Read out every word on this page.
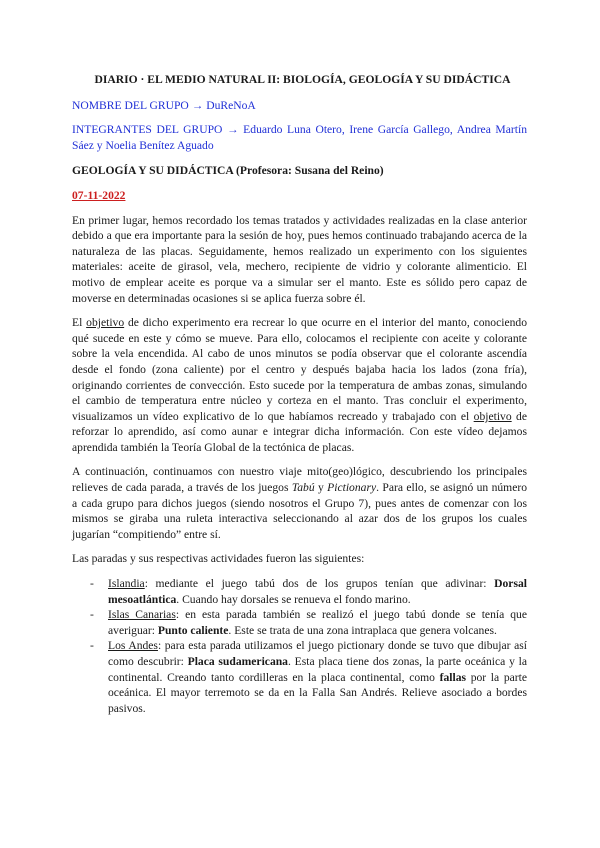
DIARIO · EL MEDIO NATURAL II: BIOLOGÍA, GEOLOGÍA Y SU DIDÁCTICA

NOMBRE DEL GRUPO → DuReNoA

INTEGRANTES DEL GRUPO → Eduardo Luna Otero, Irene García Gallego, Andrea Martín Sáez y Noelia Benítez Aguado

GEOLOGÍA Y SU DIDÁCTICA (Profesora: Susana del Reino)

07-11-2022

En primer lugar, hemos recordado los temas tratados y actividades realizadas en la clase anterior debido a que era importante para la sesión de hoy, pues hemos continuado trabajando acerca de la naturaleza de las placas. Seguidamente, hemos realizado un experimento con los siguientes materiales: aceite de girasol, vela, mechero, recipiente de vidrio y colorante alimenticio. El motivo de emplear aceite es porque va a simular ser el manto. Este es sólido pero capaz de moverse en determinadas ocasiones si se aplica fuerza sobre él.

El objetivo de dicho experimento era recrear lo que ocurre en el interior del manto, conociendo qué sucede en este y cómo se mueve. Para ello, colocamos el recipiente con aceite y colorante sobre la vela encendida. Al cabo de unos minutos se podía observar que el colorante ascendía desde el fondo (zona caliente) por el centro y después bajaba hacia los lados (zona fría), originando corrientes de convección. Esto sucede por la temperatura de ambas zonas, simulando el cambio de temperatura entre núcleo y corteza en el manto. Tras concluir el experimento, visualizamos un vídeo explicativo de lo que habíamos recreado y trabajado con el objetivo de reforzar lo aprendido, así como aunar e integrar dicha información. Con este vídeo dejamos aprendida también la Teoría Global de la tectónica de placas.

A continuación, continuamos con nuestro viaje mito(geo)lógico, descubriendo los principales relieves de cada parada, a través de los juegos Tabú y Pictionary. Para ello, se asignó un número a cada grupo para dichos juegos (siendo nosotros el Grupo 7), pues antes de comenzar con los mismos se giraba una ruleta interactiva seleccionando al azar dos de los grupos los cuales jugarían “compitiendo” entre sí.

Las paradas y sus respectivas actividades fueron las siguientes:

- Islandia: mediante el juego tabú dos de los grupos tenían que adivinar: Dorsal mesoatlántica. Cuando hay dorsales se renueva el fondo marino.
- Islas Canarias: en esta parada también se realizó el juego tabú donde se tenía que averiguar: Punto caliente. Este se trata de una zona intraplaca que genera volcanes.
- Los Andes: para esta parada utilizamos el juego pictionary donde se tuvo que dibujar así como descubrir: Placa sudamericana. Esta placa tiene dos zonas, la parte oceánica y la continental. Creando tanto cordilleras en la placa continental, como fallas por la parte oceánica. El mayor terremoto se da en la Falla San Andrés. Relieve asociado a bordes pasivos.
